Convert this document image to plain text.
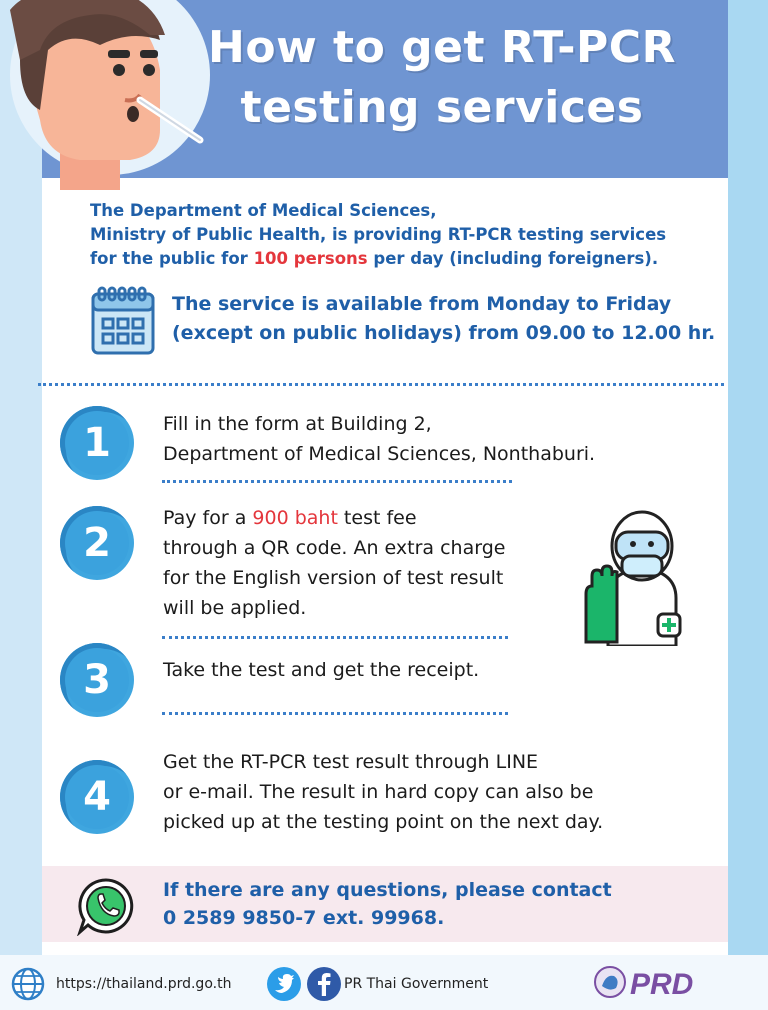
How to get RT-PCR
testing services
The Department of Medical Sciences,
Ministry of Public Health, is providing RT-PCR testing services
for the public for 100 persons per day (including foreigners).
The service is available from Monday to Friday
(except on public holidays) from 09.00 to 12.00 hr.
1	Fill in the form at Building 2,
Department of Medical Sciences, Nonthaburi.
2
Pay for a 900 baht test fee
through a QR code. An extra charge
for the English version of test result
will be applied.
3	Take the test and get the receipt.
4
Get the RT-PCR test result through LINE
or e-mail. The result in hard copy can also be
picked up at the testing point on the next day.
If there are any questions, please contact
0 2589 9850-7 ext. 99968.
https://thailand.prd.go.th	PR Thai Government	PRD
